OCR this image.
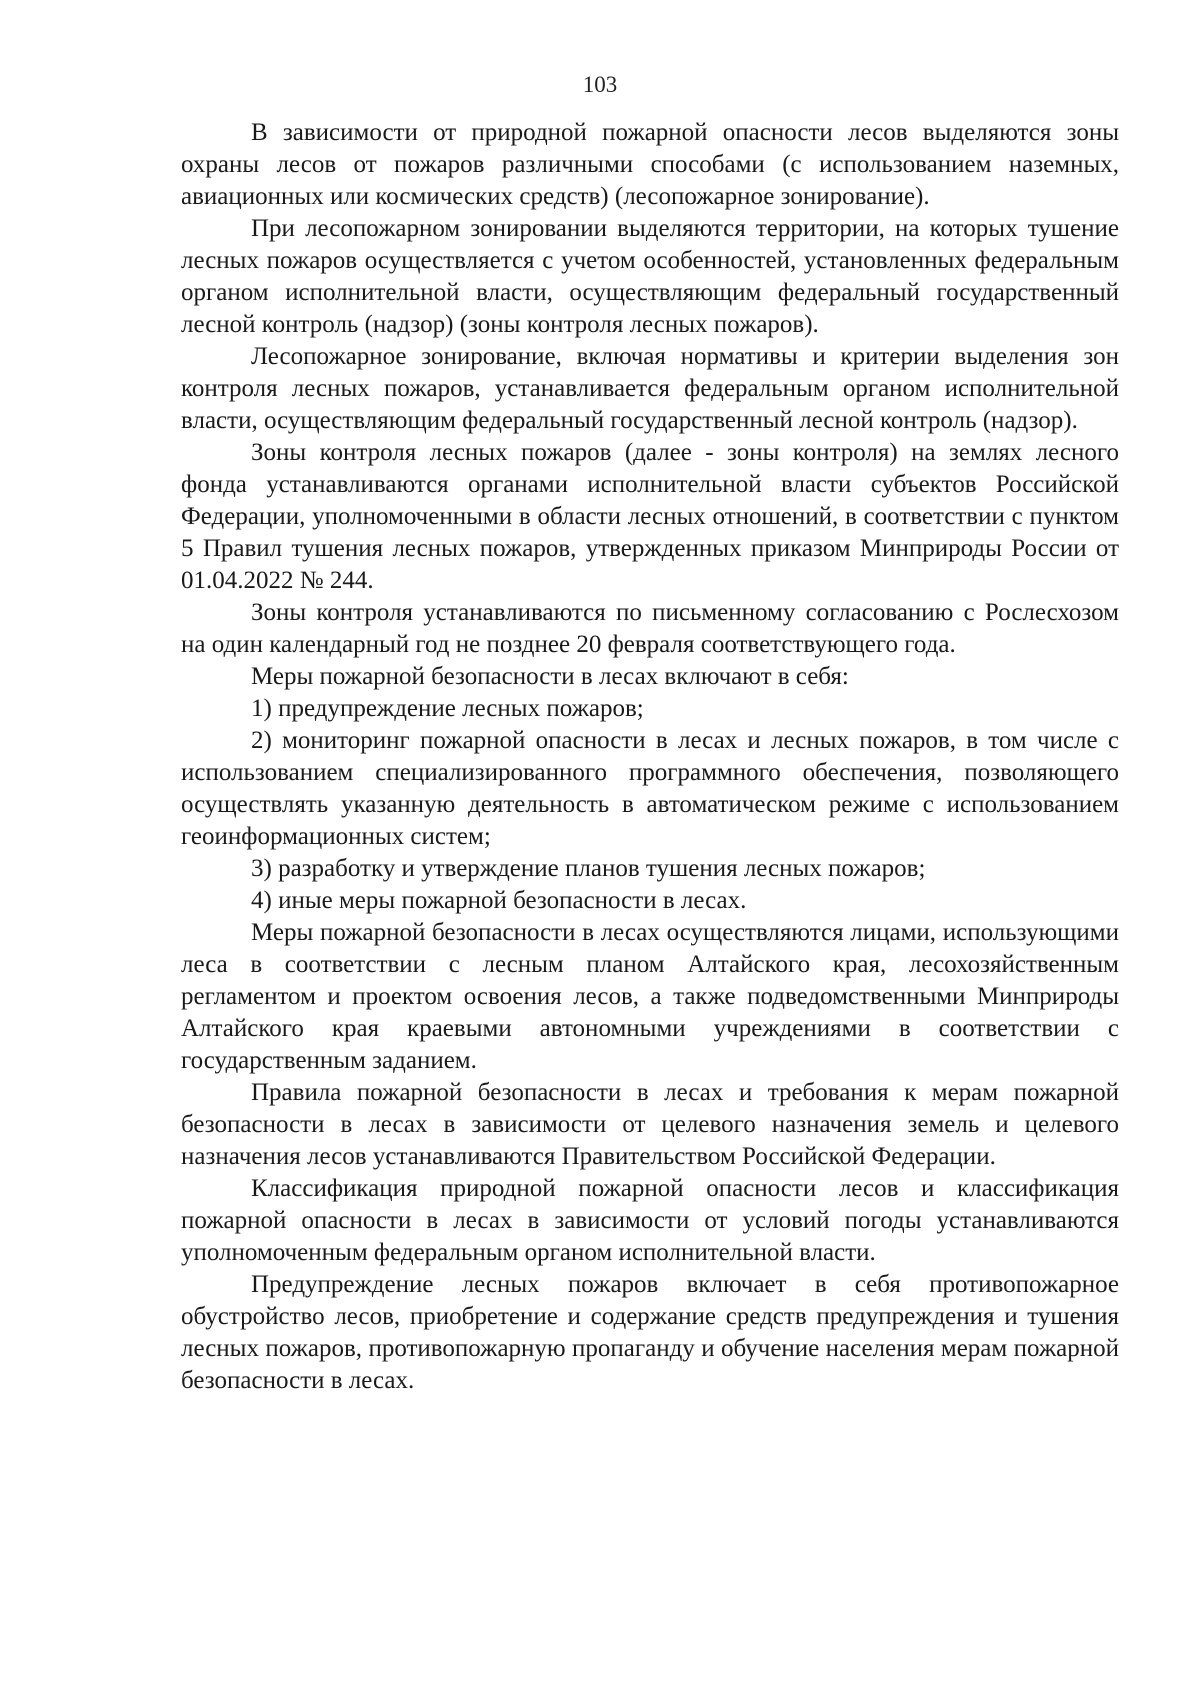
103

В зависимости от природной пожарной опасности лесов выделяются зоны охраны лесов от пожаров различными способами (с использованием наземных, авиационных или космических средств) (лесопожарное зонирование).

При лесопожарном зонировании выделяются территории, на которых тушение лесных пожаров осуществляется с учетом особенностей, установленных федеральным органом исполнительной власти, осуществляющим федеральный государственный лесной контроль (надзор) (зоны контроля лесных пожаров).

Лесопожарное зонирование, включая нормативы и критерии выделения зон контроля лесных пожаров, устанавливается федеральным органом исполнительной власти, осуществляющим федеральный государственный лесной контроль (надзор).

Зоны контроля лесных пожаров (далее - зоны контроля) на землях лесного фонда устанавливаются органами исполнительной власти субъектов Российской Федерации, уполномоченными в области лесных отношений, в соответствии с пунктом 5 Правил тушения лесных пожаров, утвержденных приказом Минприроды России от 01.04.2022 № 244.

Зоны контроля устанавливаются по письменному согласованию с Рослесхозом на один календарный год не позднее 20 февраля соответствующего года.

Меры пожарной безопасности в лесах включают в себя:

1) предупреждение лесных пожаров;

2) мониторинг пожарной опасности в лесах и лесных пожаров, в том числе с использованием специализированного программного обеспечения, позволяющего осуществлять указанную деятельность в автоматическом режиме с использованием геоинформационных систем;

3) разработку и утверждение планов тушения лесных пожаров;

4) иные меры пожарной безопасности в лесах.

Меры пожарной безопасности в лесах осуществляются лицами, использующими леса в соответствии с лесным планом Алтайского края, лесохозяйственным регламентом и проектом освоения лесов, а также подведомственными Минприроды Алтайского края краевыми автономными учреждениями в соответствии с государственным заданием.

Правила пожарной безопасности в лесах и требования к мерам пожарной безопасности в лесах в зависимости от целевого назначения земель и целевого назначения лесов устанавливаются Правительством Российской Федерации.

Классификация природной пожарной опасности лесов и классификация пожарной опасности в лесах в зависимости от условий погоды устанавливаются уполномоченным федеральным органом исполнительной власти.

Предупреждение лесных пожаров включает в себя противопожарное обустройство лесов, приобретение и содержание средств предупреждения и тушения лесных пожаров, противопожарную пропаганду и обучение населения мерам пожарной безопасности в лесах.
